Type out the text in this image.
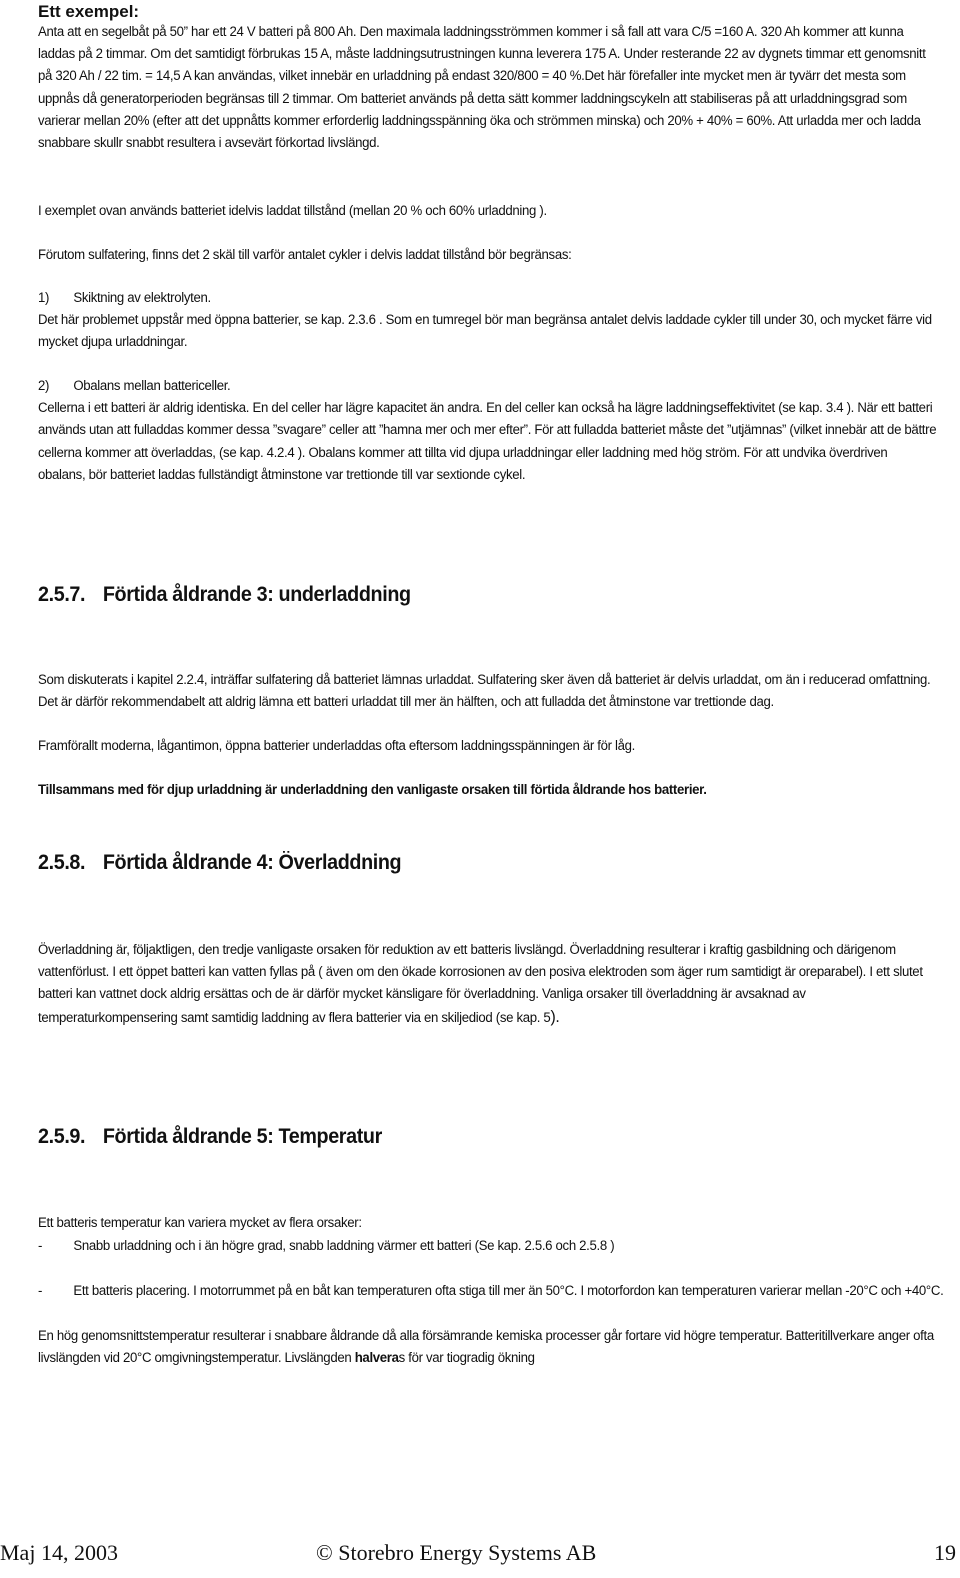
Ett exempel:
Anta att en segelbåt på 50” har ett 24 V batteri på 800 Ah. Den maximala laddningsströmmen kommer i så fall att vara C/5 =160 A. 320 Ah kommer att kunna laddas på 2 timmar. Om det samtidigt förbrukas 15 A, måste laddningsutrustningen kunna leverera 175 A. Under resterande 22 av dygnets timmar ett genomsnitt på 320 Ah / 22 tim. = 14,5 A kan användas, vilket innebär en urladdning på endast 320/800 = 40 %.Det här förefaller inte mycket men är tyvärr det mesta som uppnås då generatorperioden begränsas till 2 timmar. Om batteriet används på detta sätt kommer laddningscykeln att stabiliseras på att urladdningsgrad som varierar mellan 20% (efter att det uppnåtts kommer erforderlig laddningsspänning öka och strömmen minska) och 20% + 40% = 60%. Att urladda mer och ladda snabbare skullr snabbt resultera i avsevärt förkortad livslängd.
I exemplet ovan används batteriet idelvis laddat tillstånd (mellan 20 % och 60% urladdning ).
Förutom sulfatering, finns det 2 skäl till varför antalet cykler i delvis laddat tillstånd bör begränsas:
1) Skiktning av elektrolyten.
Det här problemet uppstår med öppna batterier, se kap. 2.3.6 . Som en tumregel bör man begränsa antalet delvis laddade cykler till under 30, och mycket färre vid mycket djupa urladdningar.
2) Obalans mellan battericeller.
Cellerna i ett batteri är aldrig identiska. En del celler har lägre kapacitet än andra. En del celler kan också ha lägre laddningseffektivitet (se kap. 3.4 ). När ett batteri används utan att fulladdas kommer dessa ”svagare” celler att ”hamna mer och mer efter”. För att fulladda batteriet måste det ”utjämnas” (vilket innebär att de bättre cellerna kommer att överladdas, (se kap. 4.2.4 ). Obalans kommer att tillta vid djupa urladdningar eller laddning med hög ström. För att undvika överdriven obalans, bör batteriet laddas fullständigt åtminstone var trettionde till var sextionde cykel.
2.5.7. Förtida åldrande 3: underladdning
Som diskuterats i kapitel 2.2.4, inträffar sulfatering då batteriet lämnas urladdat. Sulfatering sker även då batteriet är delvis urladdat, om än i reducerad omfattning. Det är därför rekommendabelt att aldrig lämna ett batteri urladdat till mer än hälften, och att fulladda det åtminstone var trettionde dag.
Framförallt moderna, lågantimon, öppna batterier underladdas ofta eftersom laddningsspänningen är för låg.
Tillsammans med för djup urladdning är underladdning den vanligaste orsaken till förtida åldrande hos batterier.
2.5.8. Förtida åldrande 4: Överladdning
Överladdning är, följaktligen, den tredje vanligaste orsaken för reduktion av ett batteris livslängd. Överladdning resulterar i kraftig gasbildning och därigenom vattenförlust. I ett öppet batteri kan vatten fyllas på ( även om den ökade korrosionen av den posiva elektroden som äger rum samtidigt är oreparabel). I ett slutet batteri kan vattnet dock aldrig ersättas och de är därför mycket känsligare för överladdning. Vanliga orsaker till överladdning är avsaknad av temperaturkompensering samt samtidig laddning av flera batterier via en skiljediod (se kap. 5).
2.5.9. Förtida åldrande 5: Temperatur
Ett batteris temperatur kan variera mycket av flera orsaker:
- Snabb urladdning och i än högre grad, snabb laddning värmer ett batteri (Se kap. 2.5.6 och 2.5.8 )
- Ett batteris placering. I motorrummet på en båt kan temperaturen ofta stiga till mer än 50°C. I motorfordon kan temperaturen varierar mellan -20°C och +40°C.
En hög genomsnittstemperatur resulterar i snabbare åldrande då alla försämrande kemiska processer går fortare vid högre temperatur. Batteritillverkare anger ofta livslängden vid 20°C omgivningstemperatur. Livslängden halveras för var tiogradig ökning
Maj 14, 2003	© Storebro Energy Systems AB	19
